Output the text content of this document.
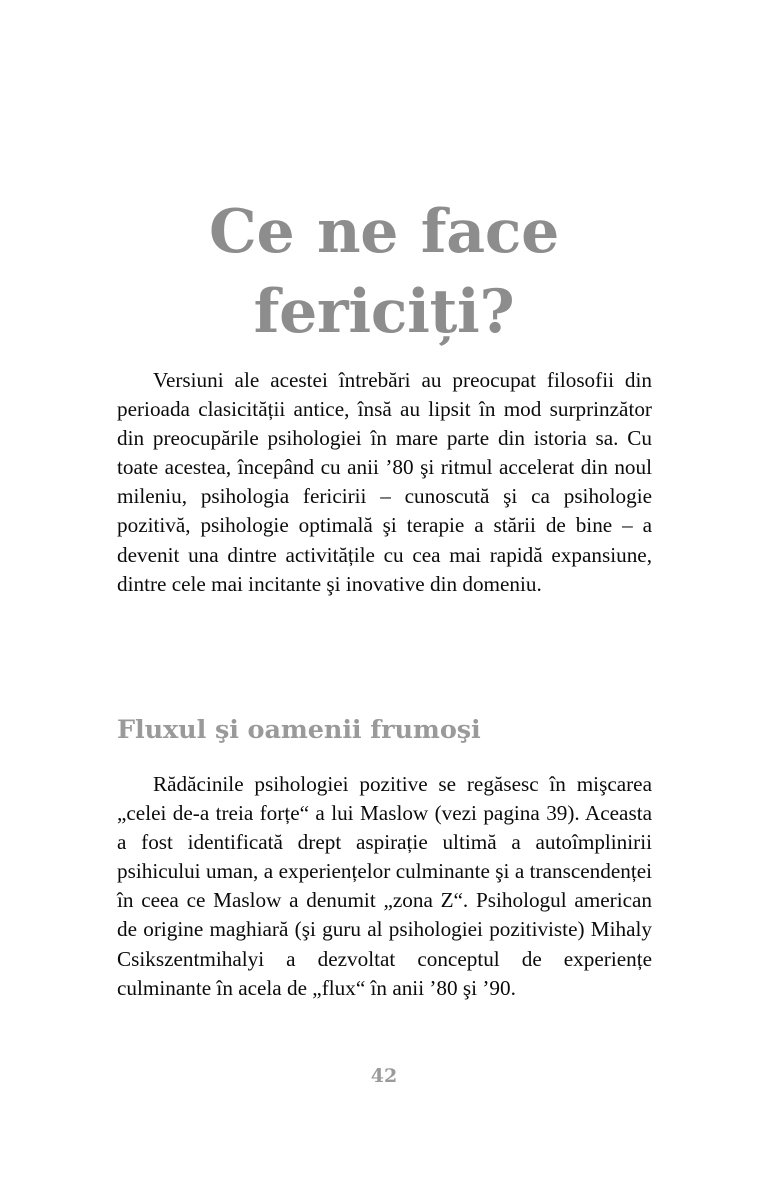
Ce ne face
fericiți?

Versiuni ale acestei întrebări au preocupat filosofii din perioada clasicității antice, însă au lipsit în mod surprinzător din preocupările psihologiei în mare parte din istoria sa. Cu toate acestea, începând cu anii ’80 şi ritmul accelerat din noul mileniu, psihologia fericirii – cunoscută şi ca psihologie pozitivă, psihologie optimală şi terapie a stării de bine – a devenit una dintre activitățile cu cea mai rapidă expansiune, dintre cele mai incitante şi inovative din domeniu.

Fluxul şi oamenii frumoşi

Rădăcinile psihologiei pozitive se regăsesc în mişcarea „celei de-a treia forțe“ a lui Maslow (vezi pagina 39). Aceasta a fost identificată drept aspirație ultimă a autoîmplinirii psihicului uman, a experiențelor culminante şi a transcendenței în ceea ce Maslow a denumit „zona Z“. Psihologul american de origine maghiară (şi guru al psihologiei pozitiviste) Mihaly Csikszentmihalyi a dezvoltat conceptul de experiențe culminante în acela de „flux“ în anii ’80 şi ’90.

42
